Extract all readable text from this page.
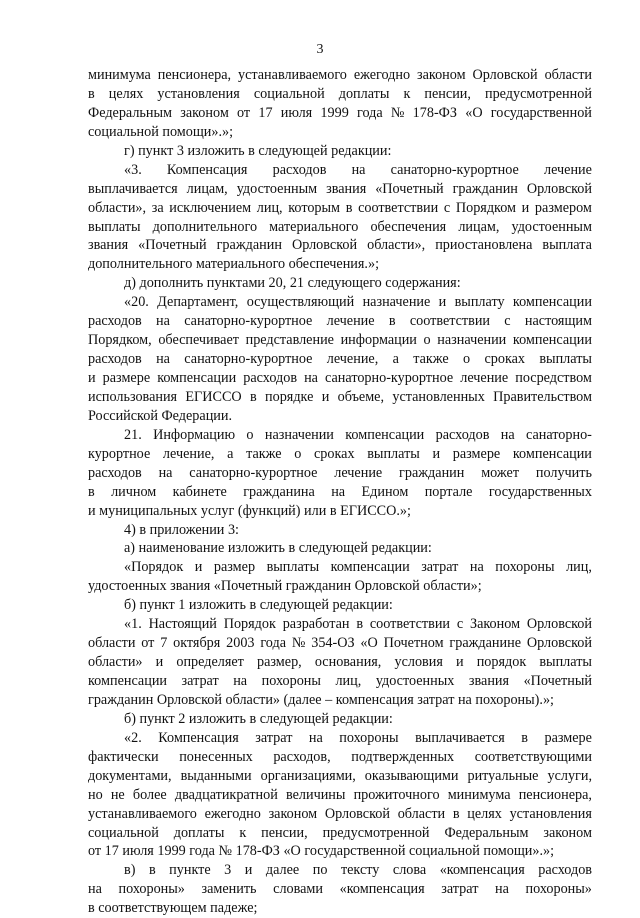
3
минимума пенсионера, устанавливаемого ежегодно законом Орловской области
в целях установления социальной доплаты к пенсии, предусмотренной
Федеральным законом от 17 июля 1999 года № 178-ФЗ «О государственной
социальной помощи».»;
г) пункт 3 изложить в следующей редакции:
«3. Компенсация расходов на санаторно-курортное лечение
выплачивается лицам, удостоенным звания «Почетный гражданин Орловской
области», за исключением лиц, которым в соответствии с Порядком и размером
выплаты дополнительного материального обеспечения лицам, удостоенным
звания «Почетный гражданин Орловской области», приостановлена выплата
дополнительного материального обеспечения.»;
д) дополнить пунктами 20, 21 следующего содержания:
«20. Департамент, осуществляющий назначение и выплату компенсации
расходов на санаторно-курортное лечение в соответствии с настоящим
Порядком, обеспечивает представление информации о назначении компенсации
расходов на санаторно-курортное лечение, а также о сроках выплаты
и размере компенсации расходов на санаторно-курортное лечение посредством
использования ЕГИССО в порядке и объеме, установленных Правительством
Российской Федерации.
21. Информацию о назначении компенсации расходов на санаторно-
курортное лечение, а также о сроках выплаты и размере компенсации
расходов на санаторно-курортное лечение гражданин может получить
в личном кабинете гражданина на Едином портале государственных
и муниципальных услуг (функций) или в ЕГИССО.»;
4) в приложении 3:
а) наименование изложить в следующей редакции:
«Порядок и размер выплаты компенсации затрат на похороны лиц,
удостоенных звания «Почетный гражданин Орловской области»;
б) пункт 1 изложить в следующей редакции:
«1. Настоящий Порядок разработан в соответствии с Законом Орловской
области от 7 октября 2003 года № 354-ОЗ «О Почетном гражданине Орловской
области» и определяет размер, основания, условия и порядок выплаты
компенсации затрат на похороны лиц, удостоенных звания «Почетный
гражданин Орловской области» (далее – компенсация затрат на похороны).»;
б) пункт 2 изложить в следующей редакции:
«2. Компенсация затрат на похороны выплачивается в размере
фактически понесенных расходов, подтвержденных соответствующими
документами, выданными организациями, оказывающими ритуальные услуги,
но не более двадцатикратной величины прожиточного минимума пенсионера,
устанавливаемого ежегодно законом Орловской области в целях установления
социальной доплаты к пенсии, предусмотренной Федеральным законом
от 17 июля 1999 года № 178-ФЗ «О государственной социальной помощи».»;
в) в пункте 3 и далее по тексту слова «компенсация расходов
на похороны» заменить словами «компенсация затрат на похороны»
в соответствующем падеже;
